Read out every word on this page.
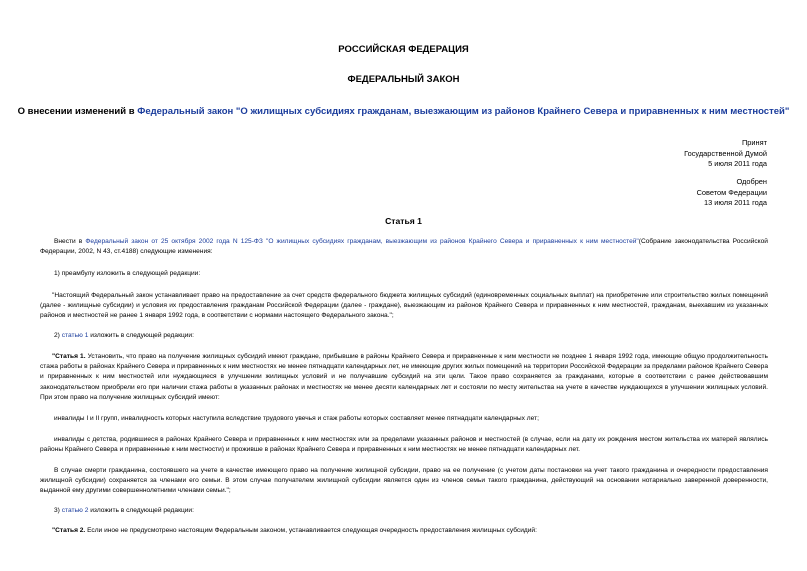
РОССИЙСКАЯ ФЕДЕРАЦИЯ
ФЕДЕРАЛЬНЫЙ ЗАКОН
О внесении изменений в Федеральный закон "О жилищных субсидиях гражданам, выезжающим из районов Крайнего Севера и приравненных к ним местностей"
Принят
Государственной Думой
5 июля 2011 года
Одобрен
Советом Федерации
13 июля 2011 года
Статья 1
Внести в Федеральный закон от 25 октября 2002 года N 125-ФЗ "О жилищных субсидиях гражданам, выезжающим из районов Крайнего Севера и приравненных к ним местностей"(Собрание законодательства Российской Федерации, 2002, N 43, ст.4188) следующие изменения:
1) преамбулу изложить в следующей редакции:
"Настоящий Федеральный закон устанавливает право на предоставление за счет средств федерального бюджета жилищных субсидий (единовременных социальных выплат) на приобретение или строительство жилых помещений (далее - жилищные субсидии) и условия их предоставления гражданам Российской Федерации (далее - граждане), выезжающим из районов Крайнего Севера и приравненных к ним местностей, гражданам, выехавшим из указанных районов и местностей не ранее 1 января 1992 года, в соответствии с нормами настоящего Федерального закона.";
2) статью 1 изложить в следующей редакции:
"Статья 1. Установить, что право на получение жилищных субсидий имеют граждане, прибывшие в районы Крайнего Севера и приравненные к ним местности не позднее 1 января 1992 года, имеющие общую продолжительность стажа работы в районах Крайнего Севера и приравненных к ним местностях не менее пятнадцати календарных лет, не имеющие других жилых помещений на территории Российской Федерации за пределами районов Крайнего Севера и приравненных к ним местностей или нуждающиеся в улучшении жилищных условий и не получавшие субсидий на эти цели. Такое право сохраняется за гражданами, которые в соответствии с ранее действовавшим законодательством приобрели его при наличии стажа работы в указанных районах и местностях не менее десяти календарных лет и состояли по месту жительства на учете в качестве нуждающихся в улучшении жилищных условий. При этом право на получение жилищных субсидий имеют:
инвалиды I и II групп, инвалидность которых наступила вследствие трудового увечья и стаж работы которых составляет менее пятнадцати календарных лет;
инвалиды с детства, родившиеся в районах Крайнего Севера и приравненных к ним местностях или за пределами указанных районов и местностей (в случае, если на дату их рождения местом жительства их матерей являлись районы Крайнего Севера и приравненные к ним местности) и проживше в районах Крайнего Севера и приравненных к ним местностях не менее пятнадцати календарных лет.
В случае смерти гражданина, состоявшего на учете в качестве имеющего право на получение жилищной субсидии, право на ее получение (с учетом даты постановки на учет такого гражданина и очередности предоставления жилищной субсидии) сохраняется за членами его семьи. В этом случае получателем жилищной субсидии является один из членов семьи такого гражданина, действующий на основании нотариально заверенной доверенности, выданной ему другими совершеннолетними членами семьи.";
3) статью 2 изложить в следующей редакции:
"Статья 2. Если иное не предусмотрено настоящим Федеральным законом, устанавливается следующая очередность предоставления жилищных субсидий:
